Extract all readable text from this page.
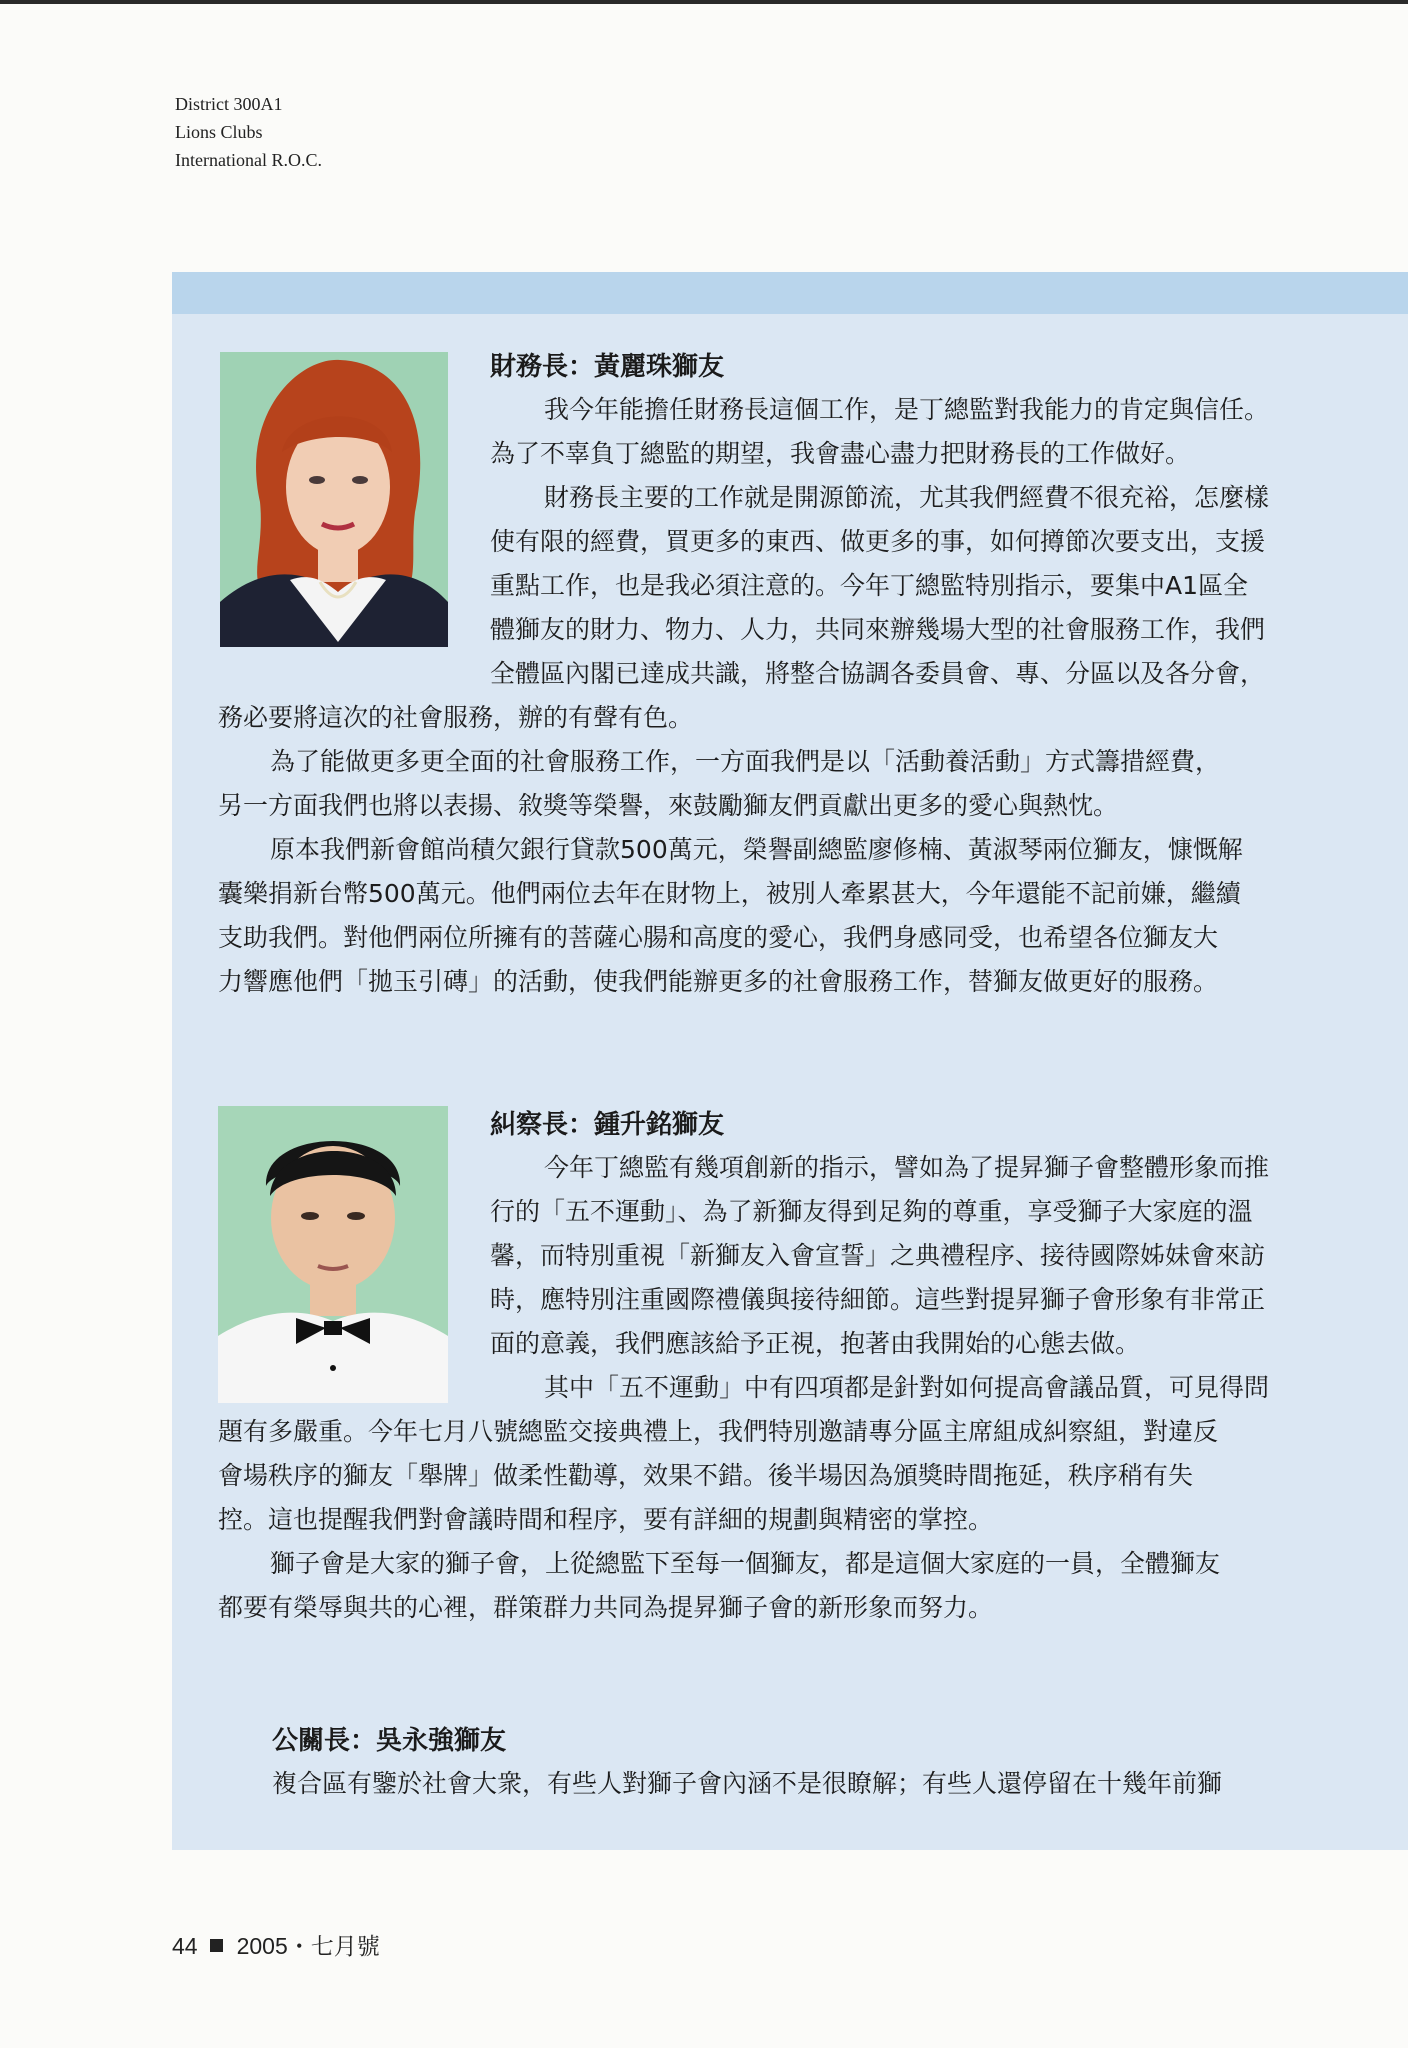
District 300A1
Lions Clubs
International R.O.C.
財務長：黃麗珠獅友
我今年能擔任財務長這個工作，是丁總監對我能力的肯定與信任。
為了不辜負丁總監的期望，我會盡心盡力把財務長的工作做好。
財務長主要的工作就是開源節流，尤其我們經費不很充裕，怎麼樣
使有限的經費，買更多的東西、做更多的事，如何撙節次要支出，支援
重點工作，也是我必須注意的。今年丁總監特別指示，要集中A1區全
體獅友的財力、物力、人力，共同來辦幾場大型的社會服務工作，我們
全體區內閣已達成共識，將整合協調各委員會、專、分區以及各分會，
務必要將這次的社會服務，辦的有聲有色。
為了能做更多更全面的社會服務工作，一方面我們是以「活動養活動」方式籌措經費，
另一方面我們也將以表揚、敘獎等榮譽，來鼓勵獅友們貢獻出更多的愛心與熱忱。
原本我們新會館尚積欠銀行貸款500萬元，榮譽副總監廖修楠、黃淑琴兩位獅友，慷慨解
囊樂捐新台幣500萬元。他們兩位去年在財物上，被別人牽累甚大，今年還能不記前嫌，繼續
支助我們。對他們兩位所擁有的菩薩心腸和高度的愛心，我們身感同受，也希望各位獅友大
力響應他們「拋玉引磚」的活動，使我們能辦更多的社會服務工作，替獅友做更好的服務。
糾察長：鍾升銘獅友
今年丁總監有幾項創新的指示，譬如為了提昇獅子會整體形象而推
行的「五不運動」、為了新獅友得到足夠的尊重，享受獅子大家庭的溫
馨，而特別重視「新獅友入會宣誓」之典禮程序、接待國際姊妹會來訪
時，應特別注重國際禮儀與接待細節。這些對提昇獅子會形象有非常正
面的意義，我們應該給予正視，抱著由我開始的心態去做。
其中「五不運動」中有四項都是針對如何提高會議品質，可見得問
題有多嚴重。今年七月八號總監交接典禮上，我們特別邀請專分區主席組成糾察組，對違反
會場秩序的獅友「舉牌」做柔性勸導，效果不錯。後半場因為頒獎時間拖延，秩序稍有失
控。這也提醒我們對會議時間和程序，要有詳細的規劃與精密的掌控。
獅子會是大家的獅子會，上從總監下至每一個獅友，都是這個大家庭的一員，全體獅友
都要有榮辱與共的心裡，群策群力共同為提昇獅子會的新形象而努力。
公關長：吳永強獅友
複合區有鑒於社會大衆，有些人對獅子會內涵不是很瞭解；有些人還停留在十幾年前獅
44 2005・七月號
